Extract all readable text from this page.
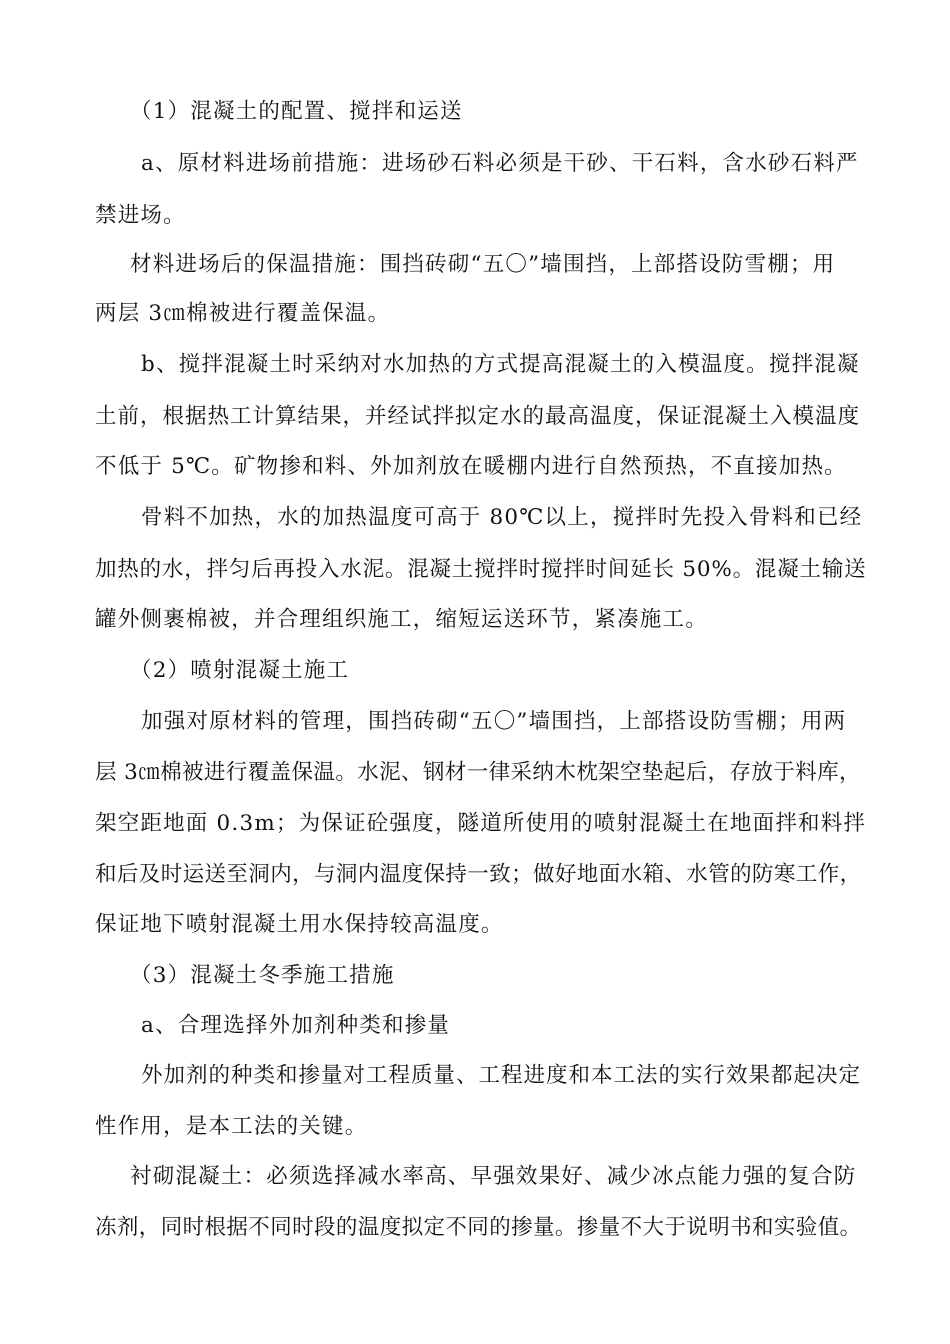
（1）混凝土的配置、搅拌和运送
a、原材料进场前措施：进场砂石料必须是干砂、干石料，含水砂石料严
禁进场。
材料进场后的保温措施：围挡砖砌“五〇”墙围挡，上部搭设防雪棚；用
两层 3㎝棉被进行覆盖保温。
b、搅拌混凝土时采纳对水加热的方式提高混凝土的入模温度。搅拌混凝
土前，根据热工计算结果，并经试拌拟定水的最高温度，保证混凝土入模温度
不低于 5℃。矿物掺和料、外加剂放在暖棚内进行自然预热，不直接加热。
骨料不加热，水的加热温度可高于 80℃以上，搅拌时先投入骨料和已经
加热的水，拌匀后再投入水泥。混凝土搅拌时搅拌时间延长 50%。混凝土输送
罐外侧裹棉被，并合理组织施工，缩短运送环节，紧凑施工。
（2）喷射混凝土施工
加强对原材料的管理，围挡砖砌“五〇”墙围挡，上部搭设防雪棚；用两
层 3㎝棉被进行覆盖保温。水泥、钢材一律采纳木枕架空垫起后，存放于料库，
架空距地面 0.3m；为保证砼强度，隧道所使用的喷射混凝土在地面拌和料拌
和后及时运送至洞内，与洞内温度保持一致；做好地面水箱、水管的防寒工作，
保证地下喷射混凝土用水保持较高温度。
（3）混凝土冬季施工措施
a、合理选择外加剂种类和掺量
外加剂的种类和掺量对工程质量、工程进度和本工法的实行效果都起决定
性作用，是本工法的关键。
衬砌混凝土：必须选择减水率高、早强效果好、减少冰点能力强的复合防
冻剂，同时根据不同时段的温度拟定不同的掺量。掺量不大于说明书和实验值。
